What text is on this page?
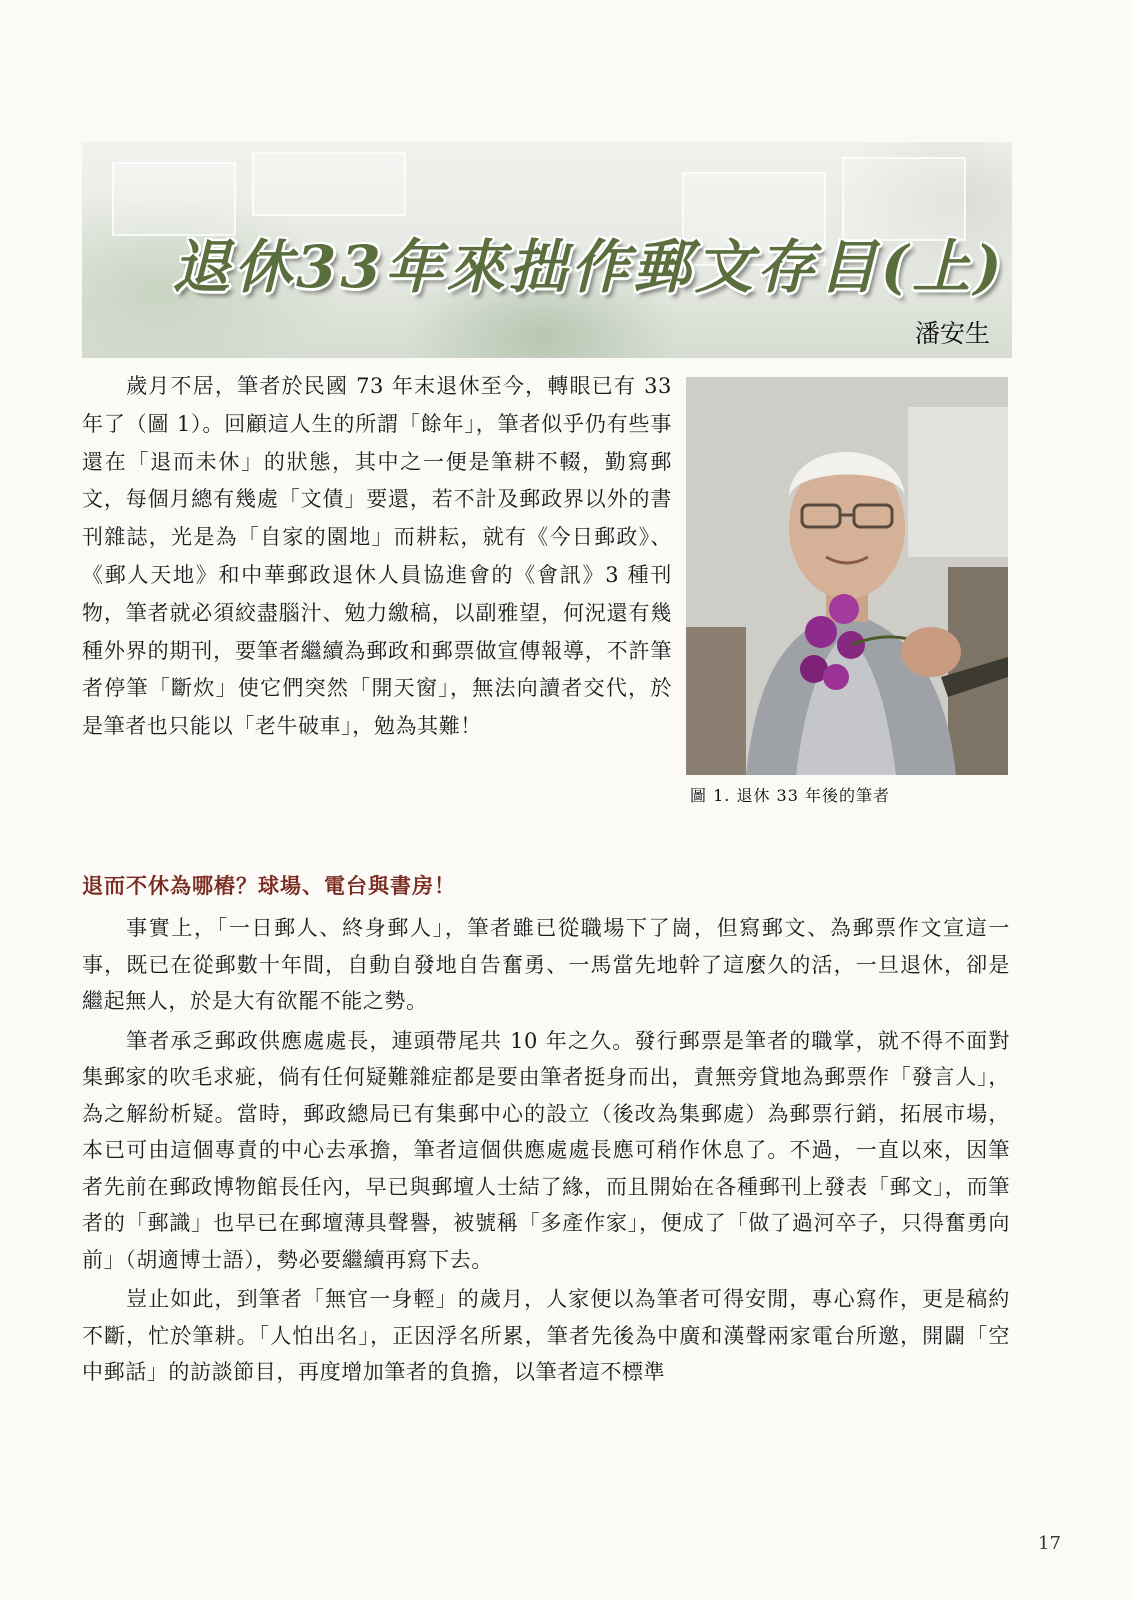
退休33年來拙作郵文存目(上)
潘安生
圖 1. 退休 33 年後的筆者

歲月不居，筆者於民國 73 年末退休至今，轉眼已有 33 年了（圖 1）。回顧這人生的所謂「餘年」，筆者似乎仍有些事還在「退而未休」的狀態，其中之一便是筆耕不輟，勤寫郵文，每個月總有幾處「文債」要還，若不計及郵政界以外的書刊雜誌，光是為「自家的園地」而耕耘，就有《今日郵政》、《郵人天地》和中華郵政退休人員協進會的《會訊》3 種刊物，筆者就必須絞盡腦汁、勉力繳稿，以副雅望，何況還有幾種外界的期刊，要筆者繼續為郵政和郵票做宣傳報導，不許筆者停筆「斷炊」使它們突然「開天窗」，無法向讀者交代，於是筆者也只能以「老牛破車」，勉為其難！

退而不休為哪樁？球場、電台與書房！

事實上，「一日郵人、終身郵人」，筆者雖已從職場下了崗，但寫郵文、為郵票作文宣這一事，既已在從郵數十年間，自動自發地自告奮勇、一馬當先地幹了這麼久的活，一旦退休，卻是繼起無人，於是大有欲罷不能之勢。

筆者承乏郵政供應處處長，連頭帶尾共 10 年之久。發行郵票是筆者的職掌，就不得不面對集郵家的吹毛求疵，倘有任何疑難雜症都是要由筆者挺身而出，責無旁貸地為郵票作「發言人」，為之解紛析疑。當時，郵政總局已有集郵中心的設立（後改為集郵處）為郵票行銷，拓展市場，本已可由這個專責的中心去承擔，筆者這個供應處處長應可稍作休息了。不過，一直以來，因筆者先前在郵政博物館長任內，早已與郵壇人士結了緣，而且開始在各種郵刊上發表「郵文」，而筆者的「郵識」也早已在郵壇薄具聲譽，被號稱「多產作家」，便成了「做了過河卒子，只得奮勇向前」（胡適博士語），勢必要繼續再寫下去。

豈止如此，到筆者「無官一身輕」的歲月，人家便以為筆者可得安閒，專心寫作，更是稿約不斷，忙於筆耕。「人怕出名」，正因浮名所累，筆者先後為中廣和漢聲兩家電台所邀，開闢「空中郵話」的訪談節目，再度增加筆者的負擔，以筆者這不標準

17
